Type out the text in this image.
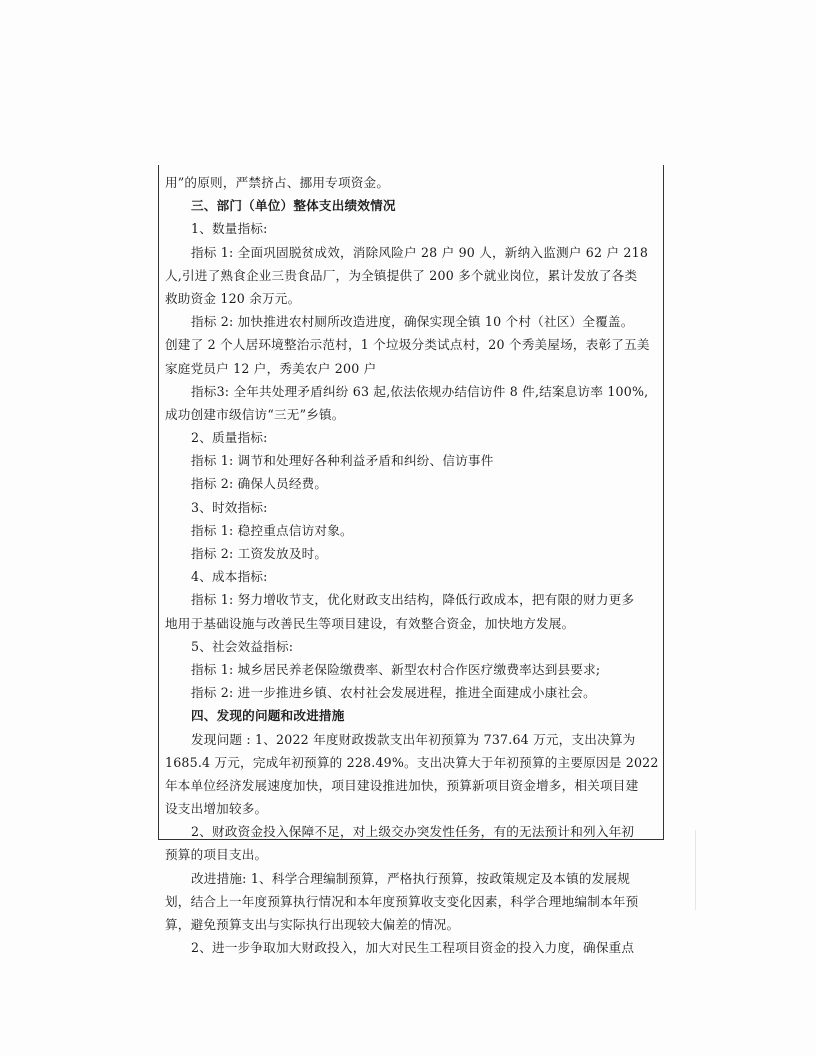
用”的原则，严禁挤占、挪用专项资金。
三、部门（单位）整体支出绩效情况
1、数量指标:
指标 1: 全面巩固脱贫成效，消除风险户 28 户 90 人，新纳入监测户 62 户 218
人,引进了熟食企业三贵食品厂，为全镇提供了 200 多个就业岗位，累计发放了各类
救助资金 120 余万元。
指标 2: 加快推进农村厕所改造进度，确保实现全镇 10 个村（社区）全覆盖。
创建了 2 个人居环境整治示范村，1 个垃圾分类试点村，20 个秀美屋场，表彰了五美
家庭党员户 12 户，秀美农户 200 户
指标3: 全年共处理矛盾纠纷 63 起,依法依规办结信访件 8 件,结案息访率 100%,
成功创建市级信访“三无”乡镇。
2、质量指标:
指标 1: 调节和处理好各种利益矛盾和纠纷、信访事件
指标 2: 确保人员经费。
3、时效指标:
指标 1: 稳控重点信访对象。
指标 2: 工资发放及时。
4、成本指标:
指标 1: 努力增收节支，优化财政支出结构，降低行政成本，把有限的财力更多
地用于基础设施与改善民生等项目建设，有效整合资金，加快地方发展。
5、社会效益指标:
指标 1: 城乡居民养老保险缴费率、新型农村合作医疗缴费率达到县要求;
指标 2: 进一步推进乡镇、农村社会发展进程，推进全面建成小康社会。
四、发现的问题和改进措施
发现问题 : 1、2022 年度财政拨款支出年初预算为 737.64 万元，支出决算为
1685.4 万元，完成年初预算的 228.49%。支出决算大于年初预算的主要原因是 2022
年本单位经济发展速度加快，项目建设推进加快，预算新项目资金增多，相关项目建
设支出增加较多。
2、财政资金投入保障不足，对上级交办突发性任务，有的无法预计和列入年初
预算的项目支出。
改进措施: 1、科学合理编制预算，严格执行预算，按政策规定及本镇的发展规
划，结合上一年度预算执行情况和本年度预算收支变化因素，科学合理地编制本年预
算，避免预算支出与实际执行出现较大偏差的情况。
2、进一步争取加大财政投入，加大对民生工程项目资金的投入力度，确保重点
